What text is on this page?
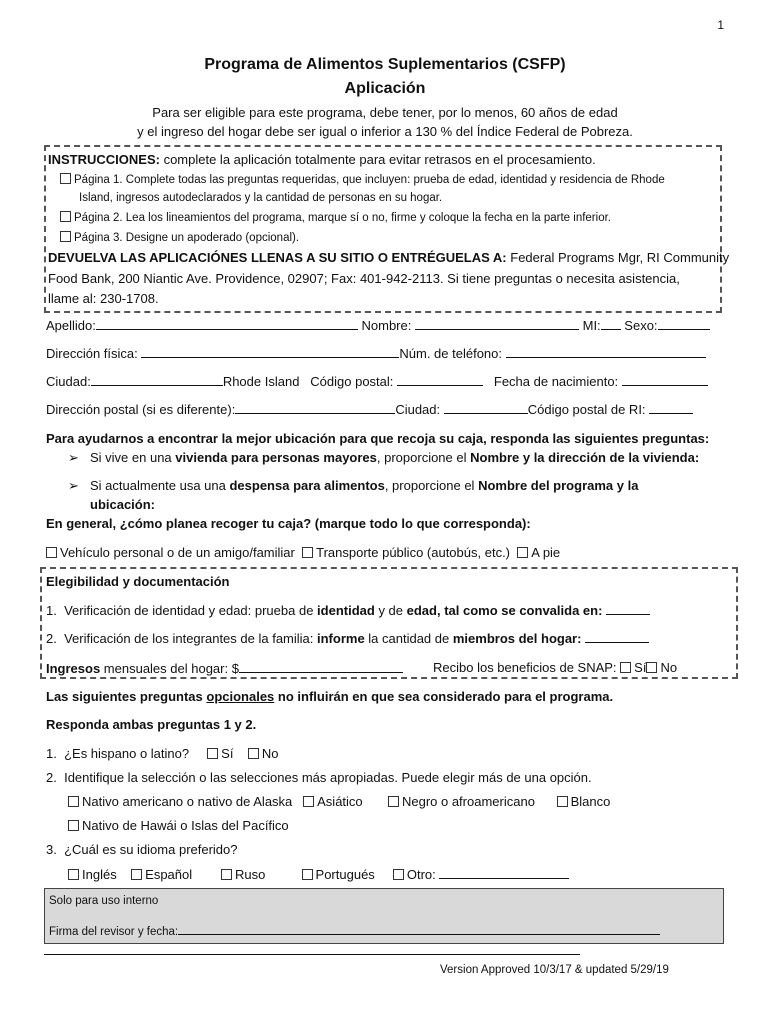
1
Programa de Alimentos Suplementarios (CSFP)
Aplicación
Para ser eligible para este programa, debe tener, por lo menos, 60 años de edad
y el ingreso del hogar debe ser igual o inferior a 130 % del Índice Federal de Pobreza.
INSTRUCCIONES: complete la aplicación totalmente para evitar retrasos en el procesamiento.
Página 1. Complete todas las preguntas requeridas, que incluyen: prueba de edad, identidad y residencia de Rhode
Island, ingresos autodeclarados y la cantidad de personas en su hogar.
Página 2. Lea los lineamientos del programa, marque sí o no, firme y coloque la fecha en la parte inferior.
Página 3. Designe un apoderado (opcional).
DEVUELVA LAS APLICACIÓNES LLENAS A SU SITIO O ENTRÉGUELAS A: Federal Programs Mgr, RI Community
Food Bank, 200 Niantic Ave. Providence, 02907; Fax: 401-942-2113. Si tiene preguntas o necesita asistencia,
llame al: 230-1708.
Apellido:	Nombre:	MI: Sexo:
Dirección física:	Núm. de teléfono:
Ciudad:	Rhode Island Código postal:	Fecha de nacimiento:
Dirección postal (si es diferente):	Ciudad:	Código postal de RI:
Para ayudarnos a encontrar la mejor ubicación para que recoja su caja, responda las siguientes preguntas:
➢ Si vive en una vivienda para personas mayores, proporcione el Nombre y la dirección de la vivienda:
➢ Si actualmente usa una despensa para alimentos, proporcione el Nombre del programa y la
ubicación:
En general, ¿cómo planea recoger tu caja? (marque todo lo que corresponda):
Vehículo personal o de un amigo/familiar Transporte público (autobús, etc.) A pie
Elegibilidad y documentación
1. Verificación de identidad y edad: prueba de identidad y de edad, tal como se convalida en:
2. Verificación de los integrantes de la familia: informe la cantidad de miembros del hogar:
Ingresos mensuales del hogar: $	Recibo los beneficios de SNAP: Sí No
Las siguientes preguntas opcionales no influirán en que sea considerado para el programa.
Responda ambas preguntas 1 y 2.
1. ¿Es hispano o latino? Sí No
2. Identifique la selección o las selecciones más apropiadas. Puede elegir más de una opción.
Nativo americano o nativo de Alaska Asiático	Negro o afroamericano	Blanco
Nativo de Hawái o Islas del Pacífico
3. ¿Cuál es su idioma preferido?
Inglés Español	Ruso	Portugués Otro:
Solo para uso interno
Firma del revisor y fecha:
Version Approved 10/3/17 & updated 5/29/19
